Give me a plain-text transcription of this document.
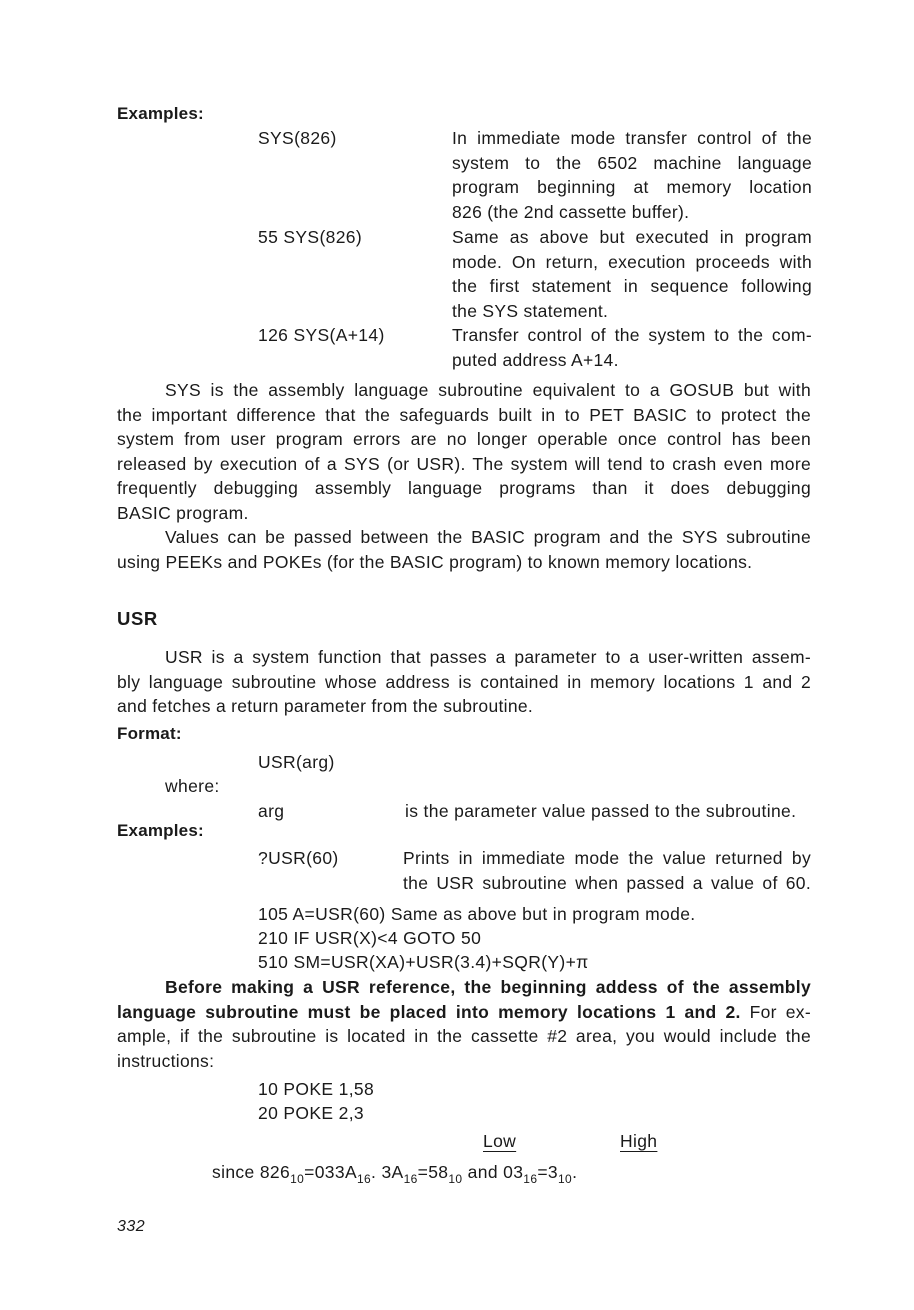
Examples:
SYS(826)	In immediate mode transfer control of the
system to the 6502 machine language
program beginning at memory location
826 (the 2nd cassette buffer).
55 SYS(826)	Same as above but executed in program
mode. On return, execution proceeds with
the first statement in sequence following
the SYS statement.
126 SYS(A+14)	Transfer control of the system to the com-
puted address A+14.
SYS is the assembly language subroutine equivalent to a GOSUB but with
the important difference that the safeguards built in to PET BASIC to protect the
system from user program errors are no longer operable once control has been
released by execution of a SYS (or USR). The system will tend to crash even more
frequently debugging assembly language programs than it does debugging
BASIC program.
Values can be passed between the BASIC program and the SYS subroutine
using PEEKs and POKEs (for the BASIC program) to known memory locations.
USR
USR is a system function that passes a parameter to a user-written assem-
bly language subroutine whose address is contained in memory locations 1 and 2
and fetches a return parameter from the subroutine.
Format:
USR(arg)
where:
arg	is the parameter value passed to the subroutine.
Examples:
?USR(60)	Prints in immediate mode the value returned by
the USR subroutine when passed a value of 60.
105 A=USR(60) Same as above but in program mode.
210 IF USR(X)<4 GOTO 50
510 SM=USR(XA)+USR(3.4)+SQR(Y)+π
Before making a USR reference, the beginning addess of the assembly
language subroutine must be placed into memory locations 1 and 2. For ex-
ample, if the subroutine is located in the cassette #2 area, you would include the
instructions:
10 POKE 1,58
20 POKE 2,3
Low	High
since $826_{10}=033A_{16}$. $3A_{16}=58_{10}$ and $03_{16}=3_{10}$.
332
